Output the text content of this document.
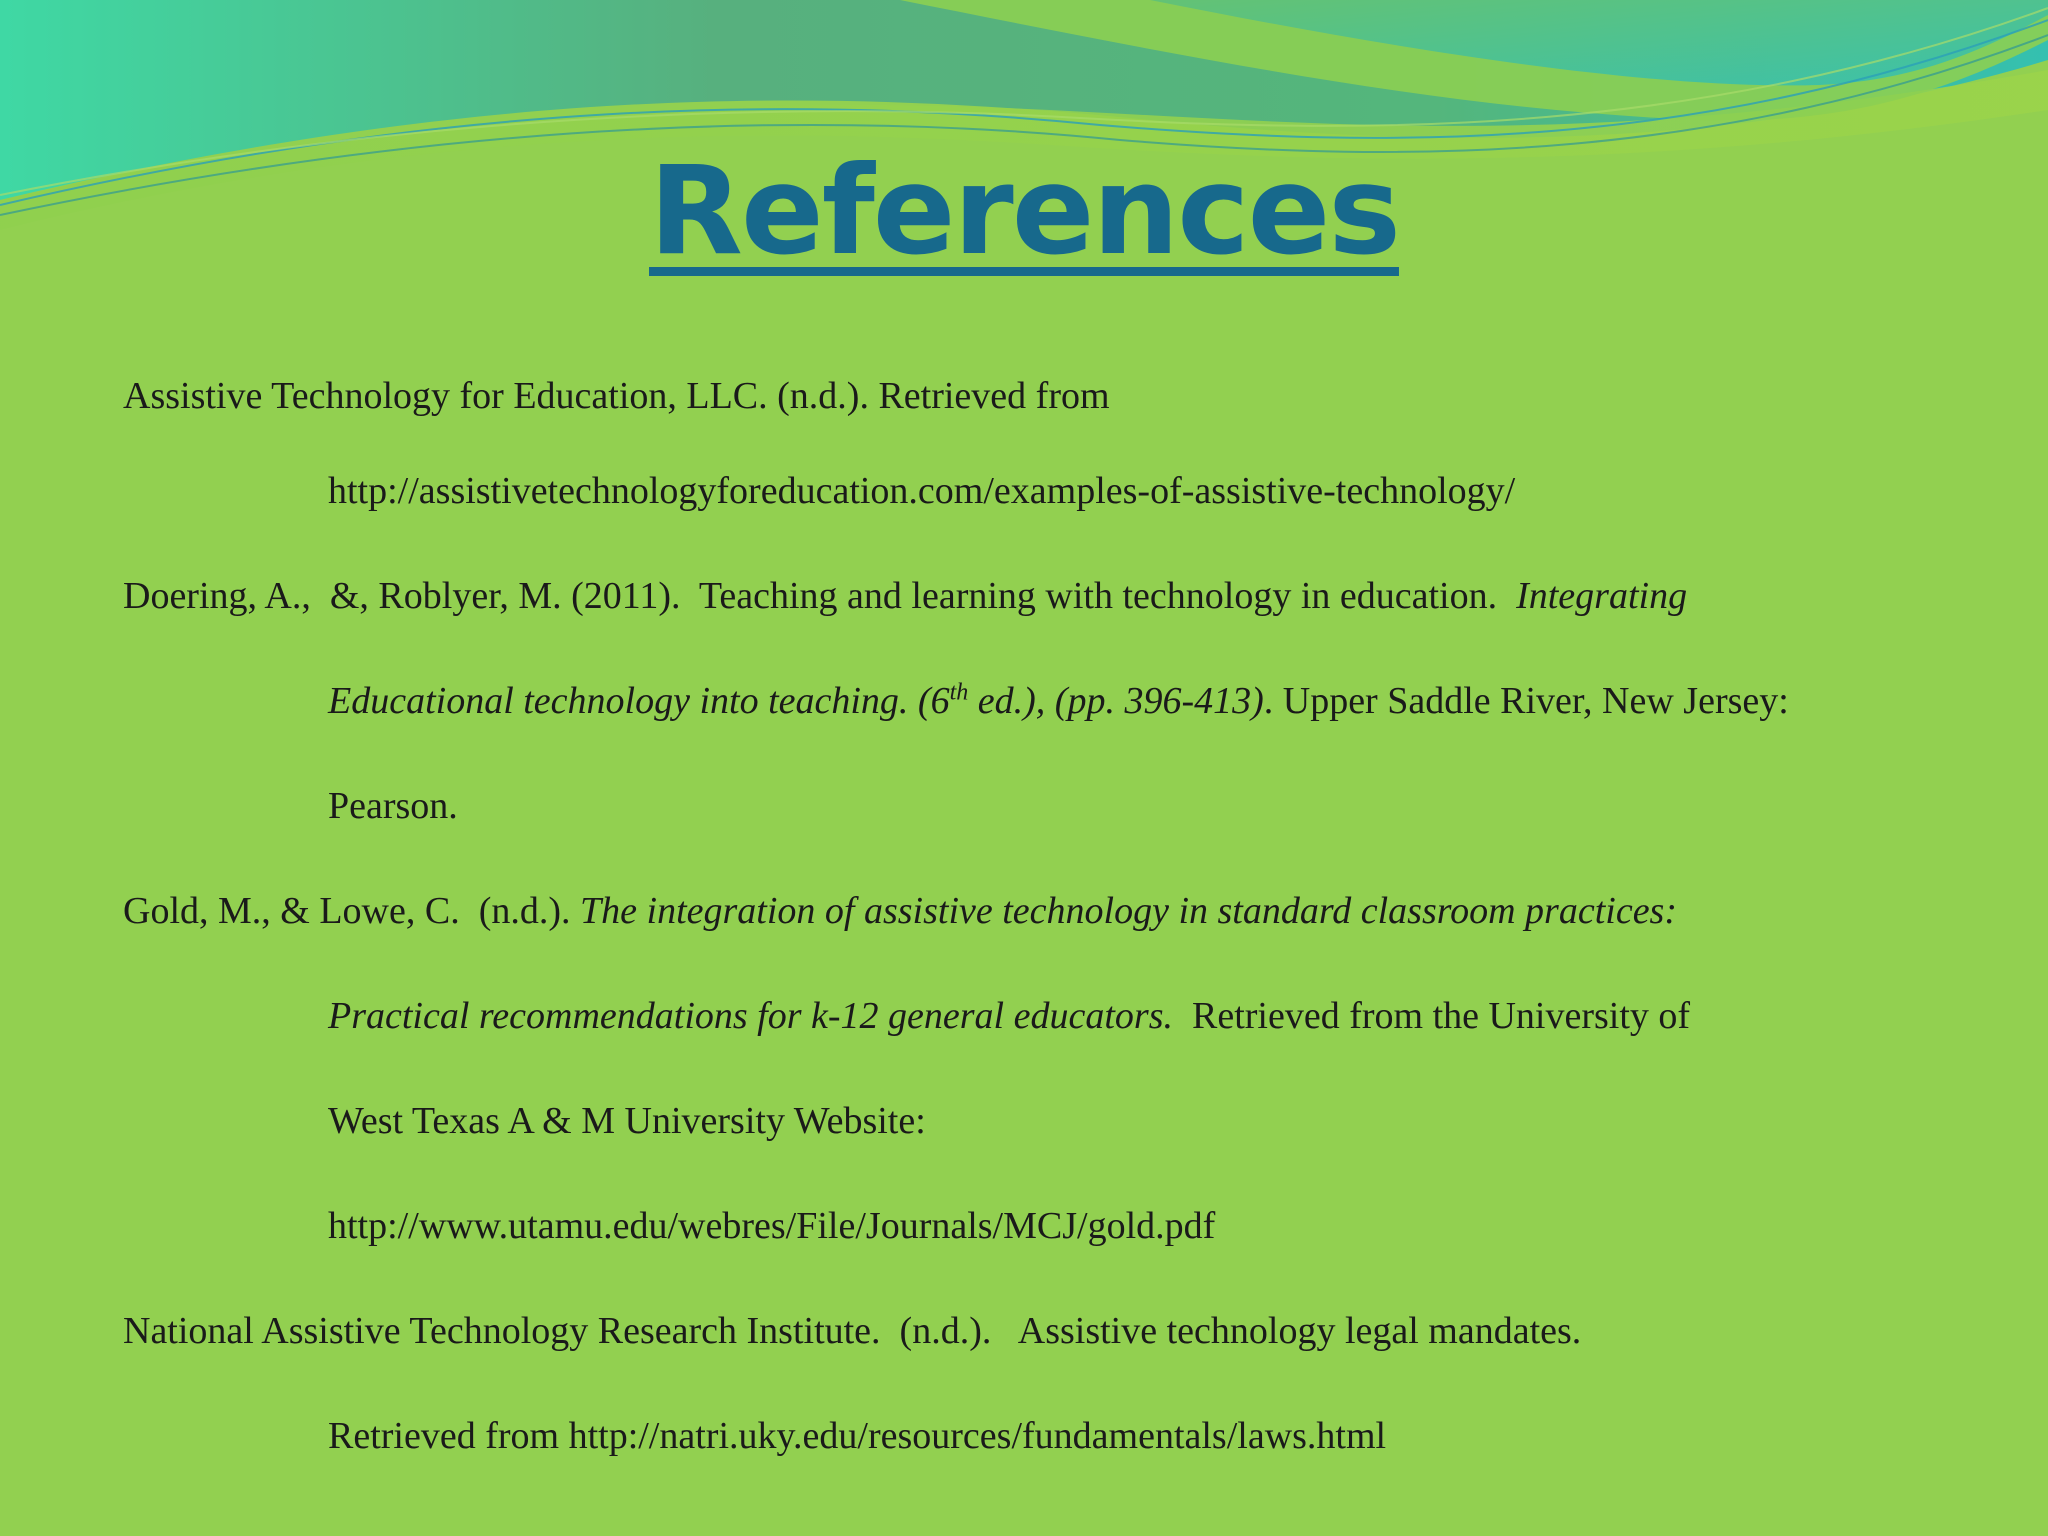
References
Assistive Technology for Education, LLC. (n.d.). Retrieved from
http://assistivetechnologyforeducation.com/examples-of-assistive-technology/
Doering, A.,  &, Roblyer, M. (2011).  Teaching and learning with technology in education.  Integrating
Educational technology into teaching. (6th ed.), (pp. 396-413). Upper Saddle River, New Jersey:
Pearson.
Gold, M., & Lowe, C.  (n.d.). The integration of assistive technology in standard classroom practices:
Practical recommendations for k-12 general educators.  Retrieved from the University of
West Texas A & M University Website:
http://www.utamu.edu/webres/File/Journals/MCJ/gold.pdf
National Assistive Technology Research Institute.  (n.d.).   Assistive technology legal mandates.
Retrieved from http://natri.uky.edu/resources/fundamentals/laws.html
